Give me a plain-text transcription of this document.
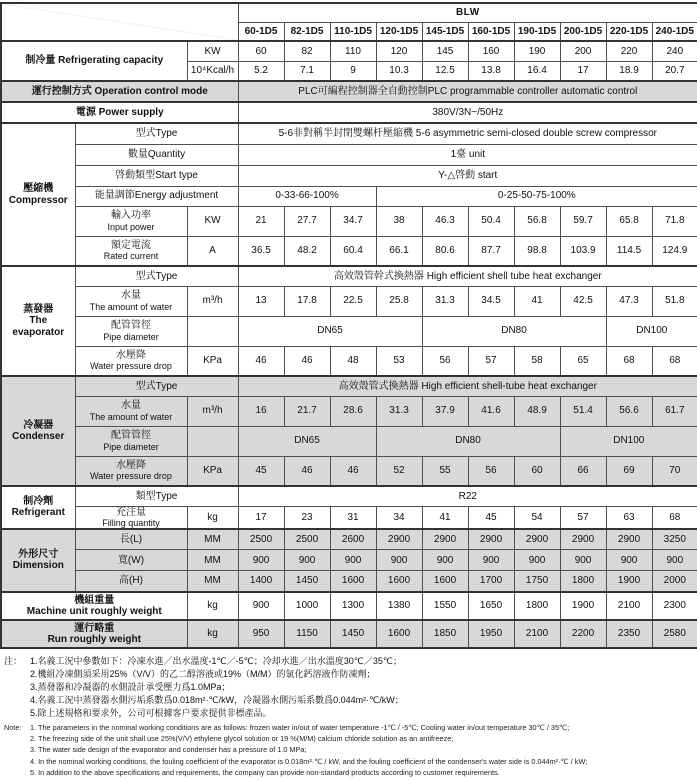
型號 Model
項目 Item			BLW									
			60-1D5	82-1D5	110-1D5	120-1D5	145-1D5	160-1D5	190-1D5	200-1D5	220-1D5	240-1D5
制冷量 Refrigerating capacity		KW	60	82	110	120	145	160	190	200	220	240
		10⁴Kcal/h	5.2	7.1	9	10.3	12.5	13.8	16.4	17	18.9	20.7
運行控制方式 Operation control mode			PLC可編程控制器全自動控制PLC programmable controller automatic control									
電源 Power supply			380V/3N~/50Hz									

壓縮機
Compressor	型式Type		5-6非對稱半封閉雙螺杆壓縮機 5-6 asymmetric semi-closed double screw compressor									
	數量Quantity		1臺 unit									
	啓動類型Start type		Y-△啓動 start									
	能量調節Energy adjustment		0-33-66-100%			0-25-50-75-100%						

	輸入功率
Input power	KW	21	27.7	34.7	38	46.3	50.4	56.8	59.7	65.8	71.8

	額定電流
Rated current	A	36.5	48.2	60.4	66.1	80.6	87.7	98.8	103.9	114.5	124.9

蒸發器
The
evaporator	型式Type		高效殼管幹式換熱器 High efficient shell tube heat exchanger									

	水量
The amount of water	m³/h	13	17.8	22.5	25.8	31.3	34.5	41	42.5	47.3	51.8

	配管管徑
Pipe diameter		DN65				DN80				DN100	

	水壓降
Water pressure drop	KPa	46	46	48	53	56	57	58	65	68	68

冷凝器
Condenser	型式Type		高效殼管式換熱器 High efficient shell-tube heat exchanger									

	水量
The amount of water	m³/h	16	21.7	28.6	31.3	37.9	41.6	48.9	51.4	56.6	61.7

	配管管徑
Pipe diameter		DN65			DN80				DN100		

	水壓降
Water pressure drop	KPa	45	46	46	52	55	56	60	66	69	70

制冷劑
Refrigerant	類型Type		R22									

	充注量
Filling quantity	kg	17	23	31	34	41	45	54	57	63	68

外形尺寸
Dimension	長(L)	MM	2500	2500	2600	2900	2900	2900	2900	2900	2900	3250
	寬(W)	MM	900	900	900	900	900	900	900	900	900	900
	高(H)	MM	1400	1450	1600	1600	1600	1700	1750	1800	1900	2000

機組重量
Machine unit roughly weight		kg	900	1000	1300	1380	1550	1650	1800	1900	2100	2300

運行略重
Run roughly weight		kg	950	1150	1450	1600	1850	1950	2100	2200	2350	2580
注： 1.名義工況中參數如下：冷凍水進／出水溫度-1℃／-5℃；冷却水進／出水溫度30℃／35℃；
2.機組冷凍側須采用25%（V/V）的乙二醇溶液或19%（M/M）的氯化鈣溶液作防凍劑；
3.蒸發器和冷凝器的水側設計承受壓力爲1.0MPa；
4.名義工況中蒸發器水側污垢系數爲0.018m²·℃/kW，冷凝器水側污垢系數爲0.044m²·℃/kW；
5.除上述規格和要求外，公司可根據客户要求提供非標產品。
Note:	1. The parameters in the nominal working conditions are as follows: frozen water in/out of water temperature -1℃ / -5℃; Cooling water in/out temperature 30℃ / 35℃;
2. The freezing side of the unit shall use 25%(V/V) ethylene glycol solution or 19 %(M/M) calcium chloride solution as an antifreeze;
3. The water side design of the evaporator and condenser has a pressure of 1.0 MPa;
4. In the nominal working conditions, the fouling coefficient of the evaporator is 0.018m²·℃ / kW, and the fouling coefficient of the condenser's water side is 0.044m²·℃ / kW;
5. In addition to the above specifications and requirements, the company can provide non-standard products according to customer requirements.
